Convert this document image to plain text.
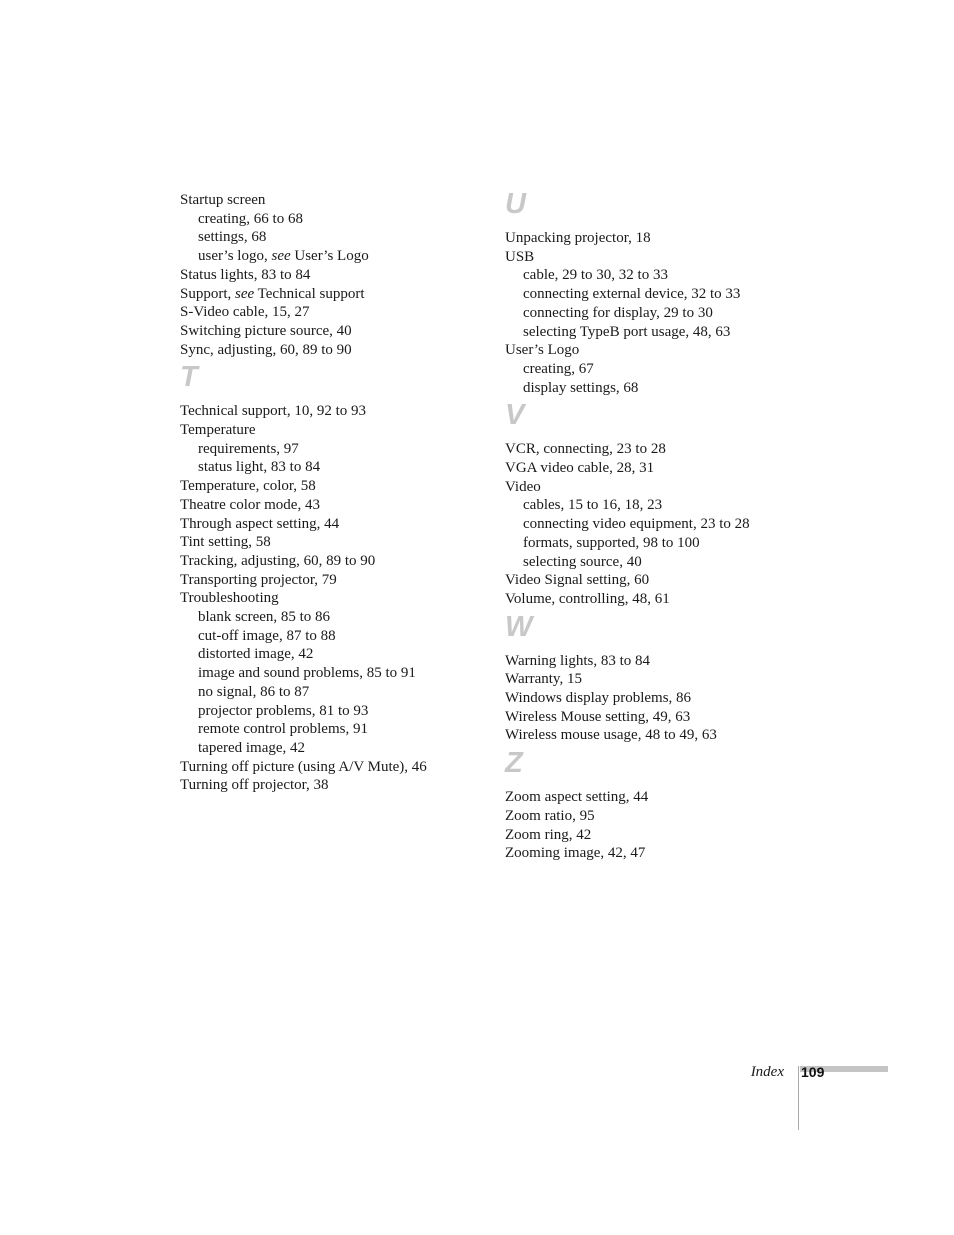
Startup screen
creating, 66 to 68
settings, 68
user’s logo, see User’s Logo
Status lights, 83 to 84
Support, see Technical support
S-Video cable, 15, 27
Switching picture source, 40
Sync, adjusting, 60, 89 to 90
T
Technical support, 10, 92 to 93
Temperature
requirements, 97
status light, 83 to 84
Temperature, color, 58
Theatre color mode, 43
Through aspect setting, 44
Tint setting, 58
Tracking, adjusting, 60, 89 to 90
Transporting projector, 79
Troubleshooting
blank screen, 85 to 86
cut-off image, 87 to 88
distorted image, 42
image and sound problems, 85 to 91
no signal, 86 to 87
projector problems, 81 to 93
remote control problems, 91
tapered image, 42
Turning off picture (using A/V Mute), 46
Turning off projector, 38
U
Unpacking projector, 18
USB
cable, 29 to 30, 32 to 33
connecting external device, 32 to 33
connecting for display, 29 to 30
selecting TypeB port usage, 48, 63
User’s Logo
creating, 67
display settings, 68
V
VCR, connecting, 23 to 28
VGA video cable, 28, 31
Video
cables, 15 to 16, 18, 23
connecting video equipment, 23 to 28
formats, supported, 98 to 100
selecting source, 40
Video Signal setting, 60
Volume, controlling, 48, 61
W
Warning lights, 83 to 84
Warranty, 15
Windows display problems, 86
Wireless Mouse setting, 49, 63
Wireless mouse usage, 48 to 49, 63
Z
Zoom aspect setting, 44
Zoom ratio, 95
Zoom ring, 42
Zooming image, 42, 47
Index 109
